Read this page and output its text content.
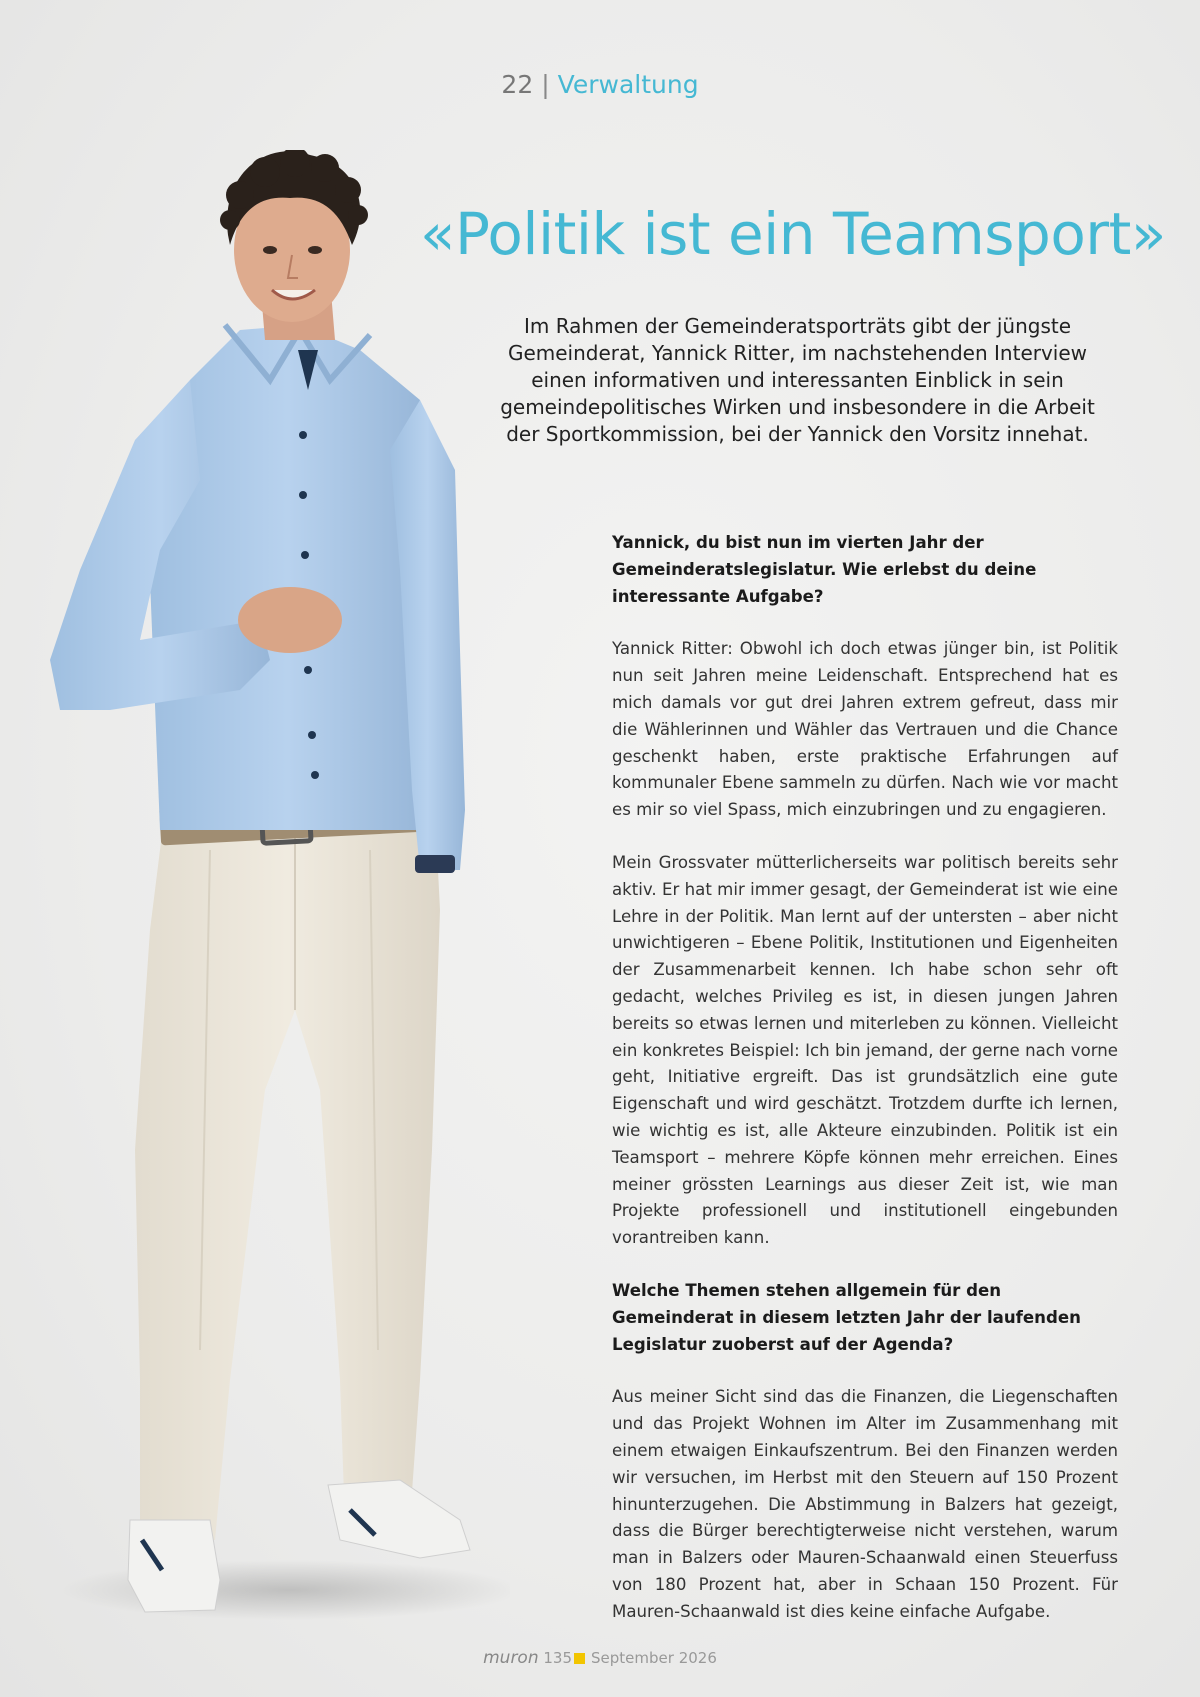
22 | Verwaltung
«Politik ist ein Teamsport»

Im Rahmen der Gemeinderatsporträts gibt der jüngste Gemeinderat, Yannick Ritter, im nachstehenden Interview einen informativen und interessanten Einblick in sein gemeindepolitisches Wirken und insbesondere in die Arbeit der Sportkommission, bei der Yannick den Vorsitz innehat.

Yannick, du bist nun im vierten Jahr der Gemeinderatslegislatur. Wie erlebst du deine interessante Aufgabe?

Yannick Ritter: Obwohl ich doch etwas jünger bin, ist Politik nun seit Jahren meine Leidenschaft. Entsprechend hat es mich damals vor gut drei Jahren extrem gefreut, dass mir die Wählerinnen und Wähler das Vertrauen und die Chance geschenkt haben, erste praktische Erfahrungen auf kommunaler Ebene sammeln zu dürfen. Nach wie vor macht es mir so viel Spass, mich einzubringen und zu engagieren.

Mein Grossvater mütterlicherseits war politisch bereits sehr aktiv. Er hat mir immer gesagt, der Gemeinderat ist wie eine Lehre in der Politik. Man lernt auf der untersten – aber nicht unwichtigeren – Ebene Politik, Institutionen und Eigenheiten der Zusammenarbeit kennen. Ich habe schon sehr oft gedacht, welches Privileg es ist, in diesen jungen Jahren bereits so etwas lernen und miterleben zu können. Vielleicht ein konkretes Beispiel: Ich bin jemand, der gerne nach vorne geht, Initiative ergreift. Das ist grundsätzlich eine gute Eigenschaft und wird geschätzt. Trotzdem durfte ich lernen, wie wichtig es ist, alle Akteure einzubinden. Politik ist ein Teamsport – mehrere Köpfe können mehr erreichen. Eines meiner grössten Learnings aus dieser Zeit ist, wie man Projekte professionell und institutionell eingebunden vorantreiben kann.

Welche Themen stehen allgemein für den Gemeinderat in diesem letzten Jahr der laufenden Legislatur zuoberst auf der Agenda?

Aus meiner Sicht sind das die Finanzen, die Liegenschaften und das Projekt Wohnen im Alter im Zusammenhang mit einem etwaigen Einkaufszentrum. Bei den Finanzen werden wir versuchen, im Herbst mit den Steuern auf 150 Prozent hinunterzugehen. Die Abstimmung in Balzers hat gezeigt, dass die Bürger berechtigterweise nicht verstehen, warum man in Balzers oder Mauren-Schaanwald einen Steuerfuss von 180 Prozent hat, aber in Schaan 150 Prozent. Für Mauren-Schaanwald ist dies keine einfache Aufgabe.

muron 135 September 2026
